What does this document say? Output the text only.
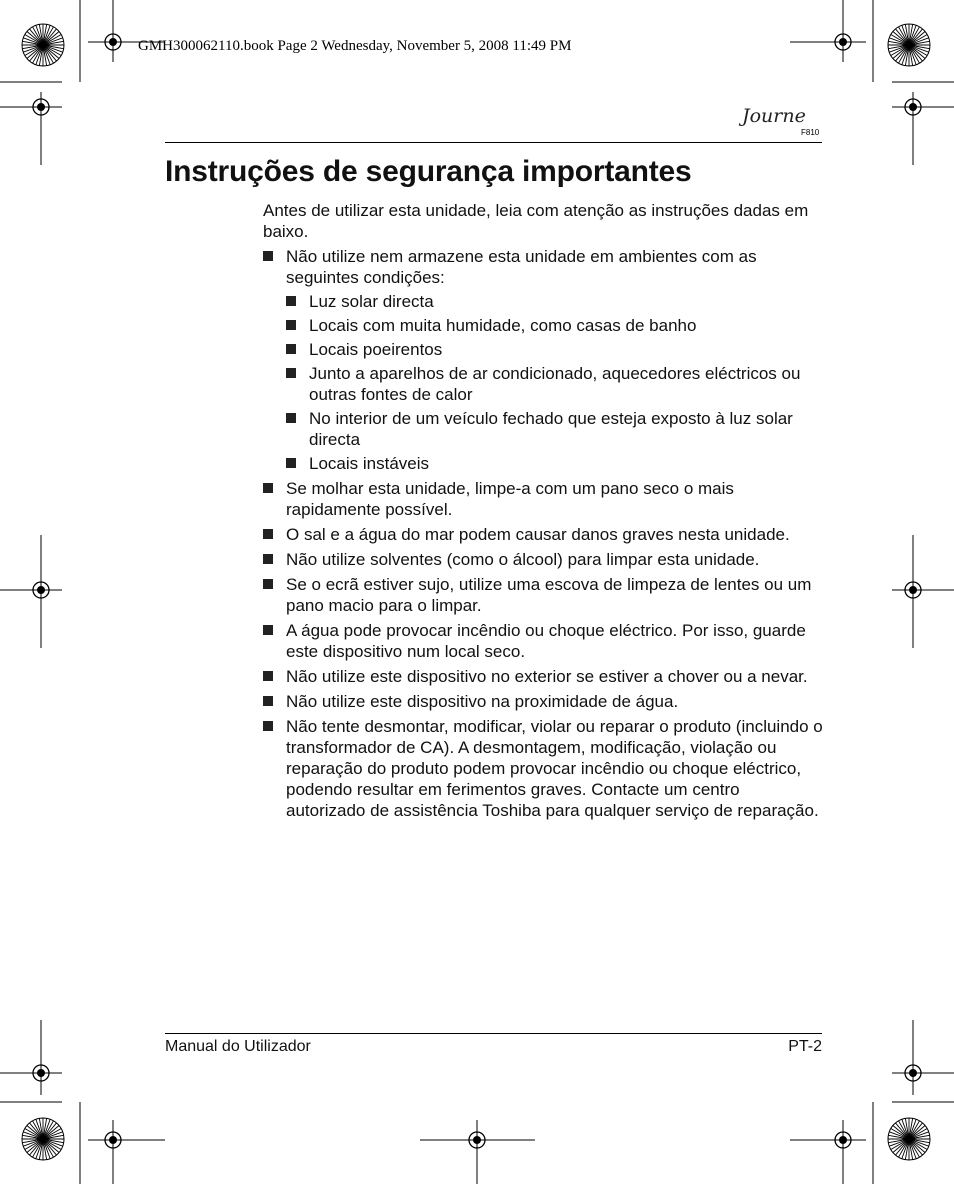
GMH300062110.book Page 2 Wednesday, November 5, 2008 11:49 PM
Journe
F810
Instruções de segurança importantes

Antes de utilizar esta unidade, leia com atenção as instruções dadas em baixo.

Não utilize nem armazene esta unidade em ambientes com as seguintes condições:
Luz solar directa
Locais com muita humidade, como casas de banho
Locais poeirentos
Junto a aparelhos de ar condicionado, aquecedores eléctricos ou outras fontes de calor
No interior de um veículo fechado que esteja exposto à luz solar directa
Locais instáveis
Se molhar esta unidade, limpe-a com um pano seco o mais rapidamente possível.
O sal e a água do mar podem causar danos graves nesta unidade.
Não utilize solventes (como o álcool) para limpar esta unidade.
Se o ecrã estiver sujo, utilize uma escova de limpeza de lentes ou um pano macio para o limpar.
A água pode provocar incêndio ou choque eléctrico. Por isso, guarde este dispositivo num local seco.
Não utilize este dispositivo no exterior se estiver a chover ou a nevar.
Não utilize este dispositivo na proximidade de água.
Não tente desmontar, modificar, violar ou reparar o produto (incluindo o transformador de CA). A desmontagem, modificação, violação ou reparação do produto podem provocar incêndio ou choque eléctrico, podendo resultar em ferimentos graves. Contacte um centro autorizado de assistência Toshiba para qualquer serviço de reparação.
Manual do Utilizador	PT-2
